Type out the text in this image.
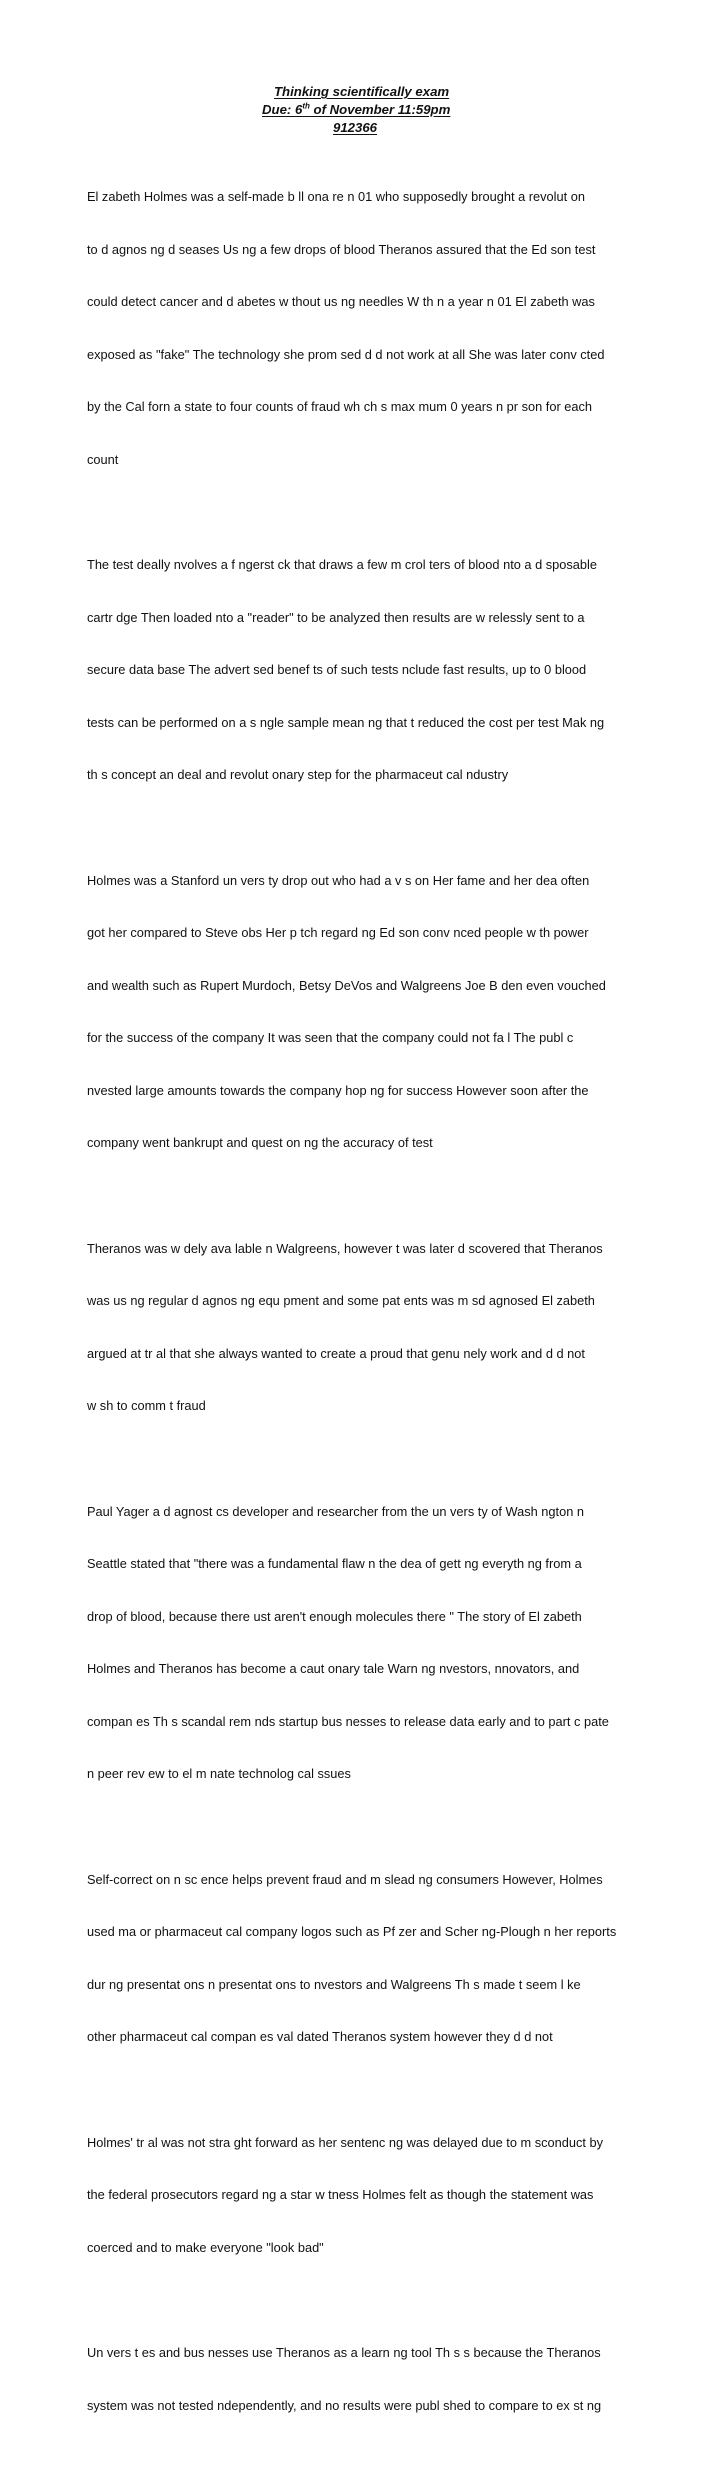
Thinking scientifically exam
Due: 6th of November 11:59pm
912366

El zabeth Holmes was a self-made b ll ona re n 01 who supposedly brought a revolut on

to d agnos ng d seases Us ng a few drops of blood Theranos assured that the Ed son test

could detect cancer and d abetes w thout us ng needles W th n a year n 01 El zabeth was

exposed as "fake" The technology she prom sed d d not work at all She was later conv cted

by the Cal forn a state to four counts of fraud wh ch s max mum 0 years n pr son for each

count

The test deally nvolves a f ngerst ck that draws a few m crol ters of blood nto a d sposable

cartr dge Then loaded nto a "reader" to be analyzed then results are w relessly sent to a

secure data base The advert sed benef ts of such tests nclude fast results, up to 0 blood

tests can be performed on a s ngle sample mean ng that t reduced the cost per test Mak ng

th s concept an deal and revolut onary step for the pharmaceut cal ndustry

Holmes was a Stanford un vers ty drop out who had a v s on Her fame and her dea often

got her compared to Steve obs Her p tch regard ng Ed son conv nced people w th power

and wealth such as Rupert Murdoch, Betsy DeVos and Walgreens Joe B den even vouched

for the success of the company It was seen that the company could not fa l The publ c

nvested large amounts towards the company hop ng for success However soon after the

company went bankrupt and quest on ng the accuracy of test

Theranos was w dely ava lable n Walgreens, however t was later d scovered that Theranos

was us ng regular d agnos ng equ pment and some pat ents was m sd agnosed El zabeth

argued at tr al that she always wanted to create a proud that genu nely work and d d not

w sh to comm t fraud

Paul Yager a d agnost cs developer and researcher from the un vers ty of Wash ngton n

Seattle stated that "there was a fundamental flaw n the dea of gett ng everyth ng from a

drop of blood, because there ust aren't enough molecules there " The story of El zabeth

Holmes and Theranos has become a caut onary tale Warn ng nvestors, nnovators, and

compan es Th s scandal rem nds startup bus nesses to release data early and to part c pate

n peer rev ew to el m nate technolog cal ssues

Self-correct on n sc ence helps prevent fraud and m slead ng consumers However, Holmes

used ma or pharmaceut cal company logos such as Pf zer and Scher ng-Plough n her reports

dur ng presentat ons n presentat ons to nvestors and Walgreens Th s made t seem l ke

other pharmaceut cal compan es val dated Theranos system however they d d not

Holmes' tr al was not stra ght forward as her sentenc ng was delayed due to m sconduct by

the federal prosecutors regard ng a star w tness Holmes felt as though the statement was

coerced and to make everyone "look bad"

Un vers t es and bus nesses use Theranos as a learn ng tool Th s s because the Theranos

system was not tested ndependently, and no results were publ shed to compare to ex st ng
